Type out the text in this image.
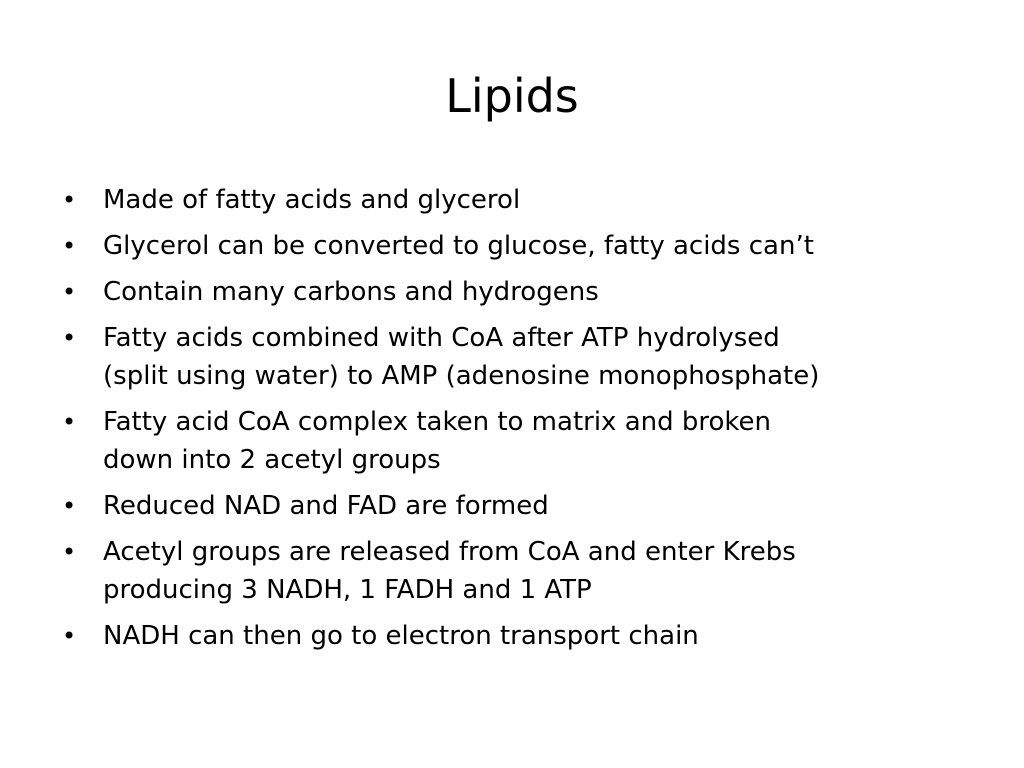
Lipids
•	Made of fatty acids and glycerol
•	Glycerol can be converted to glucose, fatty acids can’t
•	Contain many carbons and hydrogens
•	Fatty acids combined with CoA after ATP hydrolysed
(split using water) to AMP (adenosine monophosphate)
•	Fatty acid CoA complex taken to matrix and broken
down into 2 acetyl groups
•	Reduced NAD and FAD are formed
•	Acetyl groups are released from CoA and enter Krebs
producing 3 NADH, 1 FADH and 1 ATP
•	NADH can then go to electron transport chain
